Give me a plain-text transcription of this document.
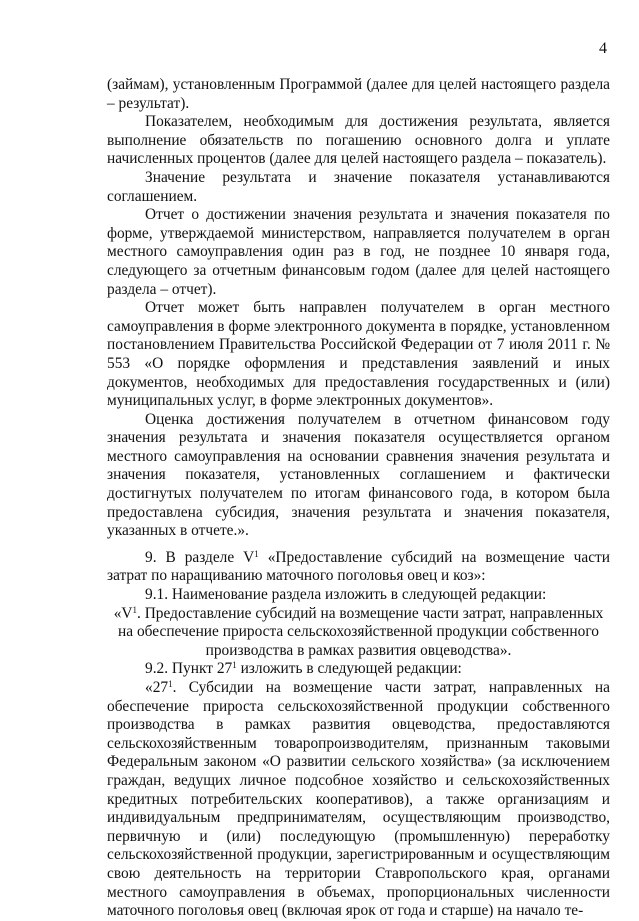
4

(займам), установленным Программой (далее для целей настоящего раздела – результат).

Показателем, необходимым для достижения результата, является выполнение обязательств по погашению основного долга и уплате начисленных процентов (далее для целей настоящего раздела – показатель).

Значение результата и значение показателя устанавливаются соглашением.

Отчет о достижении значения результата и значения показателя по форме, утверждаемой министерством, направляется получателем в орган местного самоуправления один раз в год, не позднее 10 января года, следующего за отчетным финансовым годом (далее для целей настоящего раздела – отчет).

Отчет может быть направлен получателем в орган местного самоуправления в форме электронного документа в порядке, установленном постановлением Правительства Российской Федерации от 7 июля 2011 г. № 553 «О порядке оформления и представления заявлений и иных документов, необходимых для предоставления государственных и (или) муниципальных услуг, в форме электронных документов».

Оценка достижения получателем в отчетном финансовом году значения результата и значения показателя осуществляется органом местного самоуправления на основании сравнения значения результата и значения показателя, установленных соглашением и фактически достигнутых получателем по итогам финансового года, в котором была предоставлена субсидия, значения результата и значения показателя, указанных в отчете.».

9. В разделе $V^1$ «Предоставление субсидий на возмещение части затрат по наращиванию маточного поголовья овец и коз»:

9.1. Наименование раздела изложить в следующей редакции:

«$V^1$. Предоставление субсидий на возмещение части затрат, направленных на обеспечение прироста сельскохозяйственной продукции собственного производства в рамках развития овцеводства».

9.2. Пункт $27^1$ изложить в следующей редакции:

«$27^1$. Субсидии на возмещение части затрат, направленных на обеспечение прироста сельскохозяйственной продукции собственного производства в рамках развития овцеводства, предоставляются сельскохозяйственным товаропроизводителям, признанным таковыми Федеральным законом «О развитии сельского хозяйства» (за исключением граждан, ведущих личное подсобное хозяйство и сельскохозяйственных кредитных потребительских кооперативов), а также организациям и индивидуальным предпринимателям, осуществляющим производство, первичную и (или) последующую (промышленную) переработку сельскохозяйственной продукции, зарегистрированным и осуществляющим свою деятельность на территории Ставропольского края, органами местного самоуправления в объемах, пропорциональных численности маточного поголовья овец (включая ярок от года и старше) на начало те-
